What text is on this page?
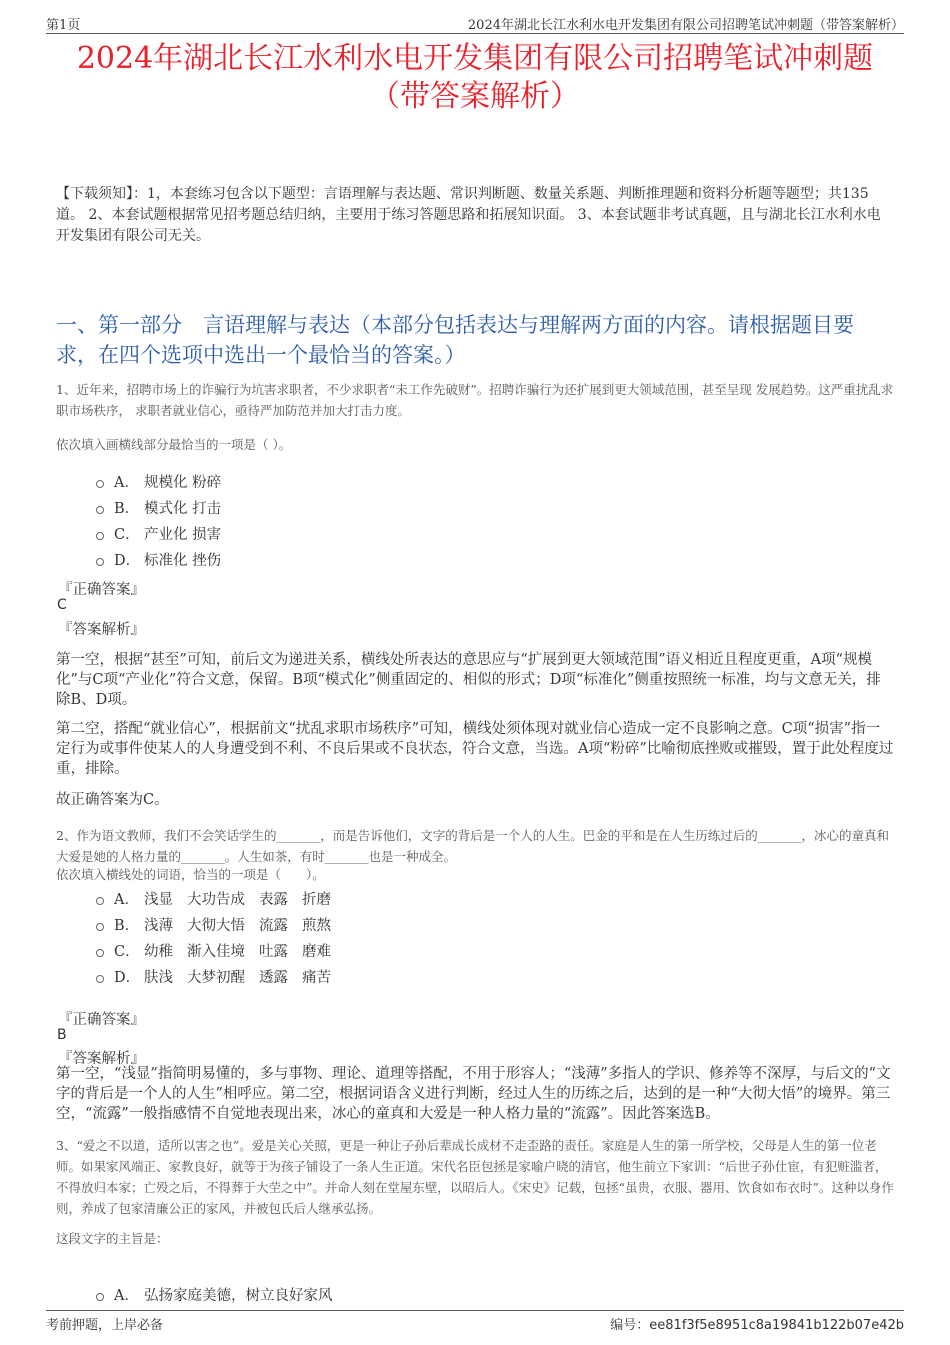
第1页	2024年湖北长江水利水电开发集团有限公司招聘笔试冲刺题（带答案解析）
2024年湖北长江水利水电开发集团有限公司招聘笔试冲刺题
（带答案解析）
【下载须知】：1，本套练习包含以下题型：言语理解与表达题、常识判断题、数量关系题、判断推理题和资料分析题等题型；共135道。 2、本套试题根据常见招考题总结归纳，主要用于练习答题思路和拓展知识面。 3、本套试题非考试真题，且与湖北长江水利水电开发集团有限公司无关。
一、第一部分　言语理解与表达（本部分包括表达与理解两方面的内容。请根据题目要求，在四个选项中选出一个最恰当的答案。）
1、近年来，招聘市场上的诈骗行为坑害求职者，不少求职者“未工作先破财”。招聘诈骗行为还扩展到更大领域范围，甚至呈现 发展趋势。这严重扰乱求职市场秩序， 求职者就业信心，亟待严加防范并加大打击力度。
依次填入画横线部分最恰当的一项是（ ）。
A． 规模化 粉碎
B． 模式化 打击
C． 产业化 损害
D． 标准化 挫伤
『正确答案』
C
『答案解析』
第一空，根据“甚至”可知，前后文为递进关系，横线处所表达的意思应与“扩展到更大领域范围”语义相近且程度更重，A项“规模化”与C项“产业化”符合文意，保留。B项“模式化”侧重固定的、相似的形式；D项“标准化”侧重按照统一标准，均与文意无关，排除B、D项。
第二空，搭配“就业信心”，根据前文“扰乱求职市场秩序”可知，横线处须体现对就业信心造成一定不良影响之意。C项“损害”指一定行为或事件使某人的人身遭受到不利、不良后果或不良状态，符合文意，当选。A项“粉碎”比喻彻底挫败或摧毁，置于此处程度过重，排除。
故正确答案为C。
2、作为语文教师，我们不会笑话学生的_______，而是告诉他们，文字的背后是一个人的人生。巴金的平和是在人生历练过后的_______，冰心的童真和大爱是她的人格力量的_______。人生如茶，有时_______也是一种成全。
依次填入横线处的词语，恰当的一项是（　　）。
A． 浅显 大功告成 表露 折磨
B． 浅薄 大彻大悟 流露 煎熬
C． 幼稚 渐入佳境 吐露 磨难
D． 肤浅 大梦初醒 透露 痛苦
『正确答案』
B
『答案解析』
第一空，“浅显”指简明易懂的，多与事物、理论、道理等搭配，不用于形容人；“浅薄”多指人的学识、修养等不深厚，与后文的“文字的背后是一个人的人生”相呼应。第二空，根据词语含义进行判断，经过人生的历练之后，达到的是一种“大彻大悟”的境界。第三空，“流露”一般指感情不自觉地表现出来，冰心的童真和大爱是一种人格力量的“流露”。因此答案选B。
3、“爱之不以道，适所以害之也”。爱是关心关照，更是一种让子孙后辈成长成材不走歪路的责任。家庭是人生的第一所学校，父母是人生的第一位老师。如果家风端正、家教良好，就等于为孩子铺设了一条人生正道。宋代名臣包拯是家喻户晓的清官，他生前立下家训：“后世子孙仕宦，有犯赃滥者，不得放归本家；亡殁之后，不得葬于大茔之中”。并命人刻在堂屋东壁，以昭后人。《宋史》记载，包拯“虽贵，衣服、器用、饮食如布衣时”。这种以身作则，养成了包家清廉公正的家风，并被包氏后人继承弘扬。
这段文字的主旨是：
A． 弘扬家庭美德，树立良好家风
考前押题，上岸必备	编号：ee81f3f5e8951c8a19841b122b07e42b
